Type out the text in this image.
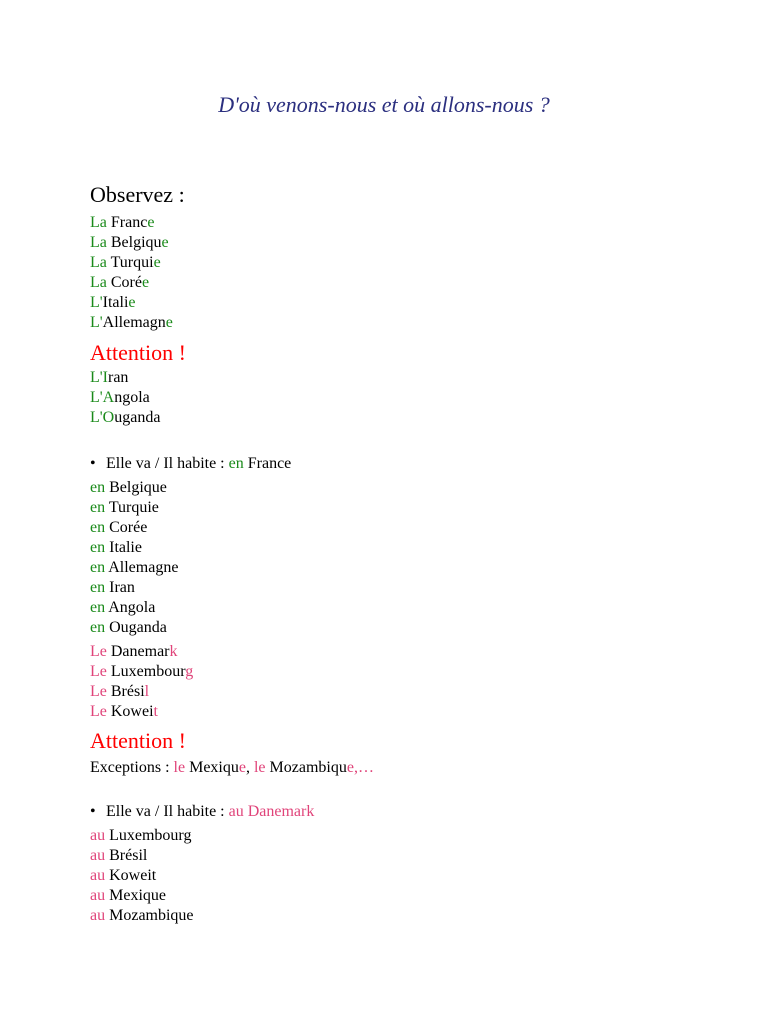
D'où venons-nous et où allons-nous ?
Observez :
La France
La Belgique
La Turquie
La Corée
L'Italie
L'Allemagne
Attention !
L'Iran
L'Angola
L'Ouganda
• Elle va / Il habite : en France
en Belgique
en Turquie
en Corée
en Italie
en Allemagne
en Iran
en Angola
en Ouganda
Le Danemark
Le Luxembourg
Le Brésil
Le Koweit
Attention !
Exceptions : le Mexique, le Mozambique,…
• Elle va / Il habite : au Danemark
au Luxembourg
au Brésil
au Koweit
au Mexique
au Mozambique
